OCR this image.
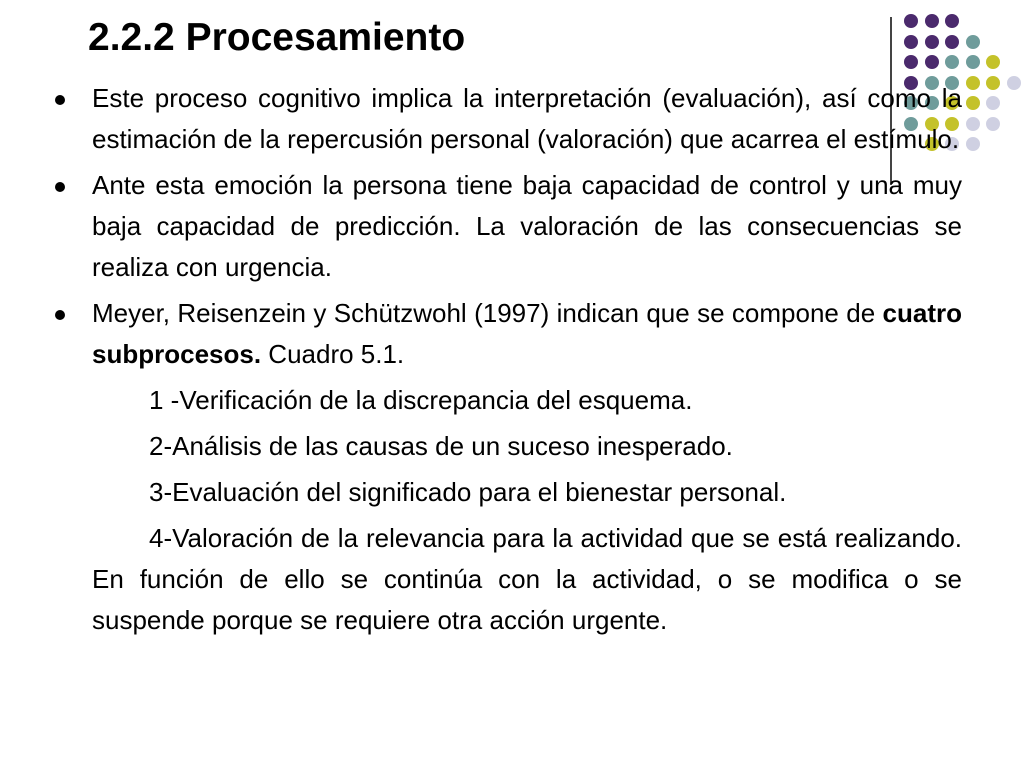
2.2.2 Procesamiento

Este proceso cognitivo implica la interpretación (evaluación), así como la estimación de la repercusión personal (valoración) que acarrea el estímulo.

Ante esta emoción la persona tiene baja capacidad de control y una muy baja capacidad de predicción. La valoración de las consecuencias se realiza con urgencia.

Meyer, Reisenzein y Schützwohl (1997) indican que se compone de cuatro subprocesos. Cuadro 5.1.

1 -Verificación de la discrepancia del esquema.

2-Análisis de las causas de un suceso inesperado.

3-Evaluación del significado para el bienestar personal.

4-Valoración de la relevancia para la actividad que se está realizando. En función de ello se continúa con la actividad, o se modifica o se suspende porque se requiere otra acción urgente.
